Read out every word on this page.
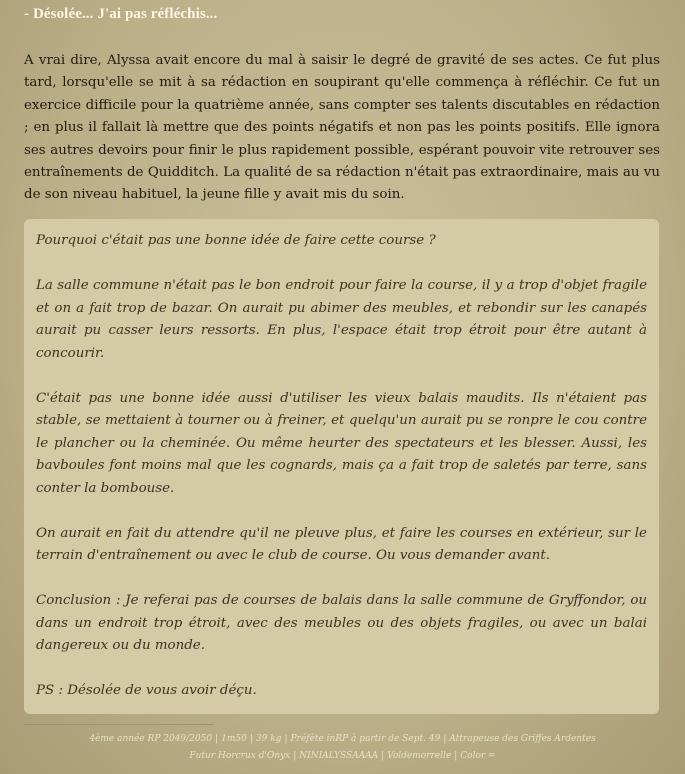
- Désolée... J'ai pas réfléchis...

A vrai dire, Alyssa avait encore du mal à saisir le degré de gravité de ses actes. Ce fut plus tard, lorsqu'elle se mit à sa rédaction en soupirant qu'elle commença à réfléchir. Ce fut un exercice difficile pour la quatrième année, sans compter ses talents discutables en rédaction ; en plus il fallait là mettre que des points négatifs et non pas les points positifs. Elle ignora ses autres devoirs pour finir le plus rapidement possible, espérant pouvoir vite retrouver ses entraînements de Quidditch. La qualité de sa rédaction n'était pas extraordinaire, mais au vu de son niveau habituel, la jeune fille y avait mis du soin.

Pourquoi c'était pas une bonne idée de faire cette course ?

La salle commune n'était pas le bon endroit pour faire la course, il y a trop d'objet fragile et on a fait trop de bazar. On aurait pu abimer des meubles, et rebondir sur les canapés aurait pu casser leurs ressorts. En plus, l'espace était trop étroit pour être autant à concourir.

C'était pas une bonne idée aussi d'utiliser les vieux balais maudits. Ils n'étaient pas stable, se mettaient à tourner ou à freiner, et quelqu'un aurait pu se ronpre le cou contre le plancher ou la cheminée. Ou même heurter des spectateurs et les blesser. Aussi, les bavboules font moins mal que les cognards, mais ça a fait trop de saletés par terre, sans conter la bombouse.

On aurait en fait du attendre qu'il ne pleuve plus, et faire les courses en extérieur, sur le terrain d'entraînement ou avec le club de course. Ou vous demander avant.

Conclusion : Je referai pas de courses de balais dans la salle commune de Gryffondor, ou dans un endroit trop étroit, avec des meubles ou des objets fragiles, ou avec un balai dangereux ou du monde.

PS : Désolée de vous avoir déçu.

4ème année RP 2049/2050 | 1m50 | 39 kg | Préfète inRP à partir de Sept. 49 | Attrapeuse des Griffes Ardentes
Futur Horcrux d'Onyx | NINIALYSSAAAA | Voldemorrelle | Color =
